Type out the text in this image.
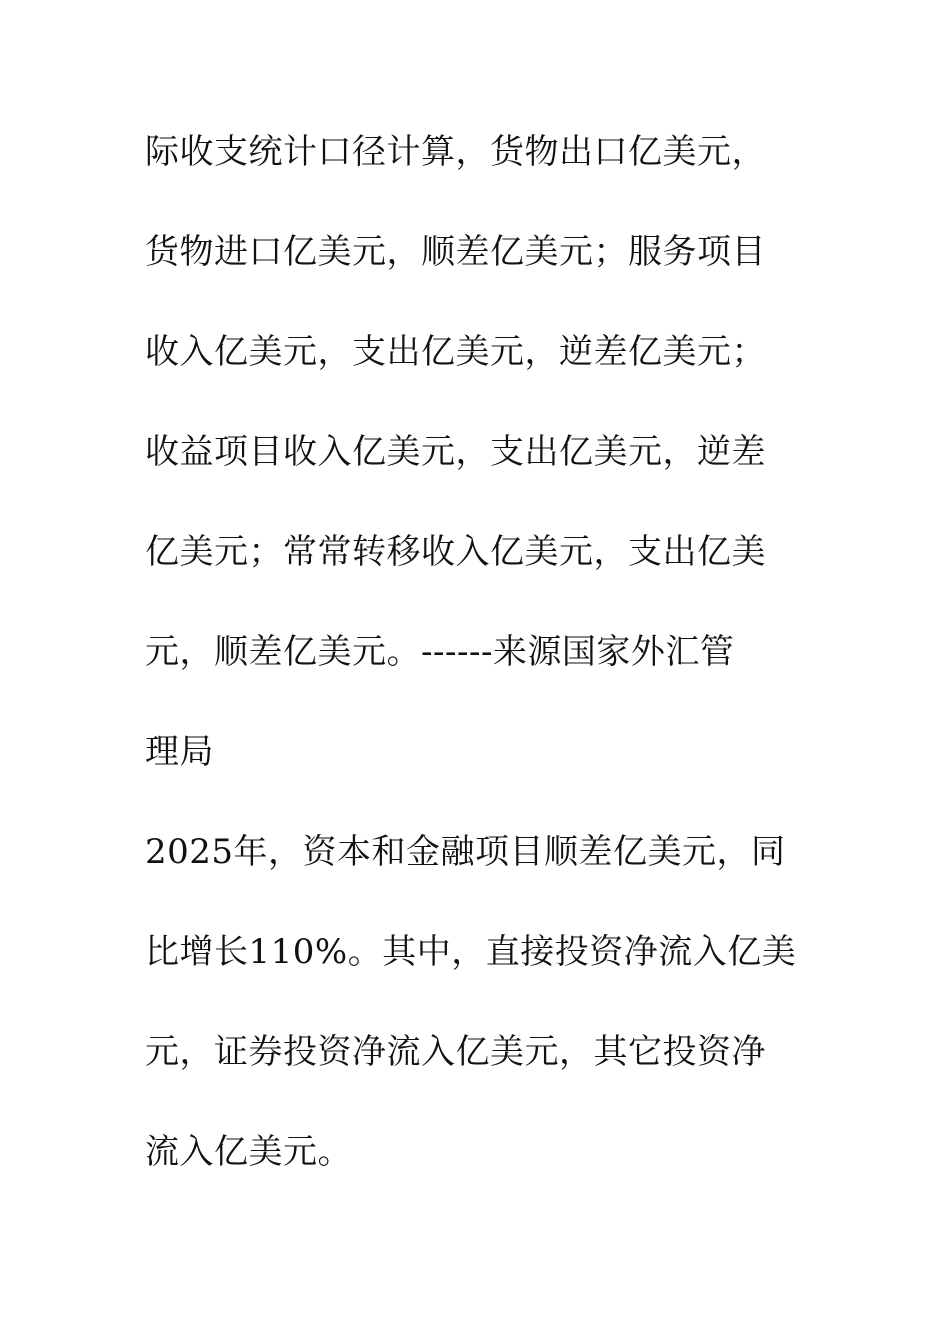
际收支统计口径计算，货物出口亿美元，
货物进口亿美元，顺差亿美元；服务项目
收入亿美元，支出亿美元，逆差亿美元；
收益项目收入亿美元，支出亿美元，逆差
亿美元；常常转移收入亿美元，支出亿美
元，顺差亿美元。------来源国家外汇管
理局
2025年，资本和金融项目顺差亿美元，同
比增长110%。其中，直接投资净流入亿美
元，证券投资净流入亿美元，其它投资净
流入亿美元。
